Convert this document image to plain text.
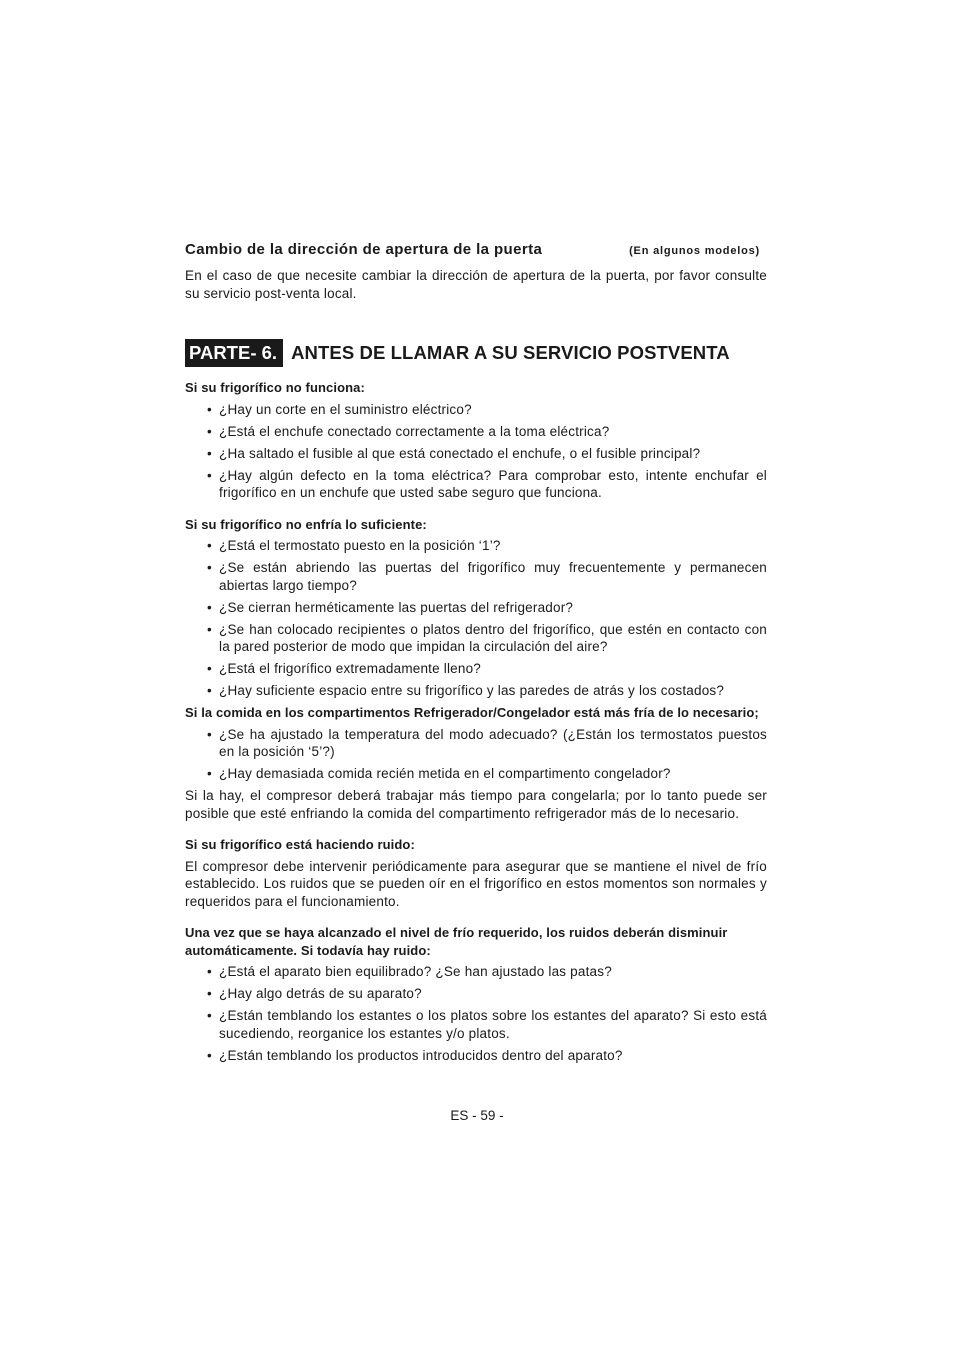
Cambio de la dirección de apertura de la puerta	(En algunos modelos)

En el caso de que necesite cambiar la dirección de apertura de la puerta, por favor consulte su servicio post-venta local.

PARTE- 6. ANTES DE LLAMAR A SU SERVICIO POSTVENTA

Si su frigorífico no funciona:

• ¿Hay un corte en el suministro eléctrico?
• ¿Está el enchufe conectado correctamente a la toma eléctrica?
• ¿Ha saltado el fusible al que está conectado el enchufe, o el fusible principal?
• ¿Hay algún defecto en la toma eléctrica? Para comprobar esto, intente enchufar el frigorífico en un enchufe que usted sabe seguro que funciona.

Si su frigorífico no enfría lo suficiente:

• ¿Está el termostato puesto en la posición ‘1’?
• ¿Se están abriendo las puertas del frigorífico muy frecuentemente y permanecen abiertas largo tiempo?
• ¿Se cierran herméticamente las puertas del refrigerador?
• ¿Se han colocado recipientes o platos dentro del frigorífico, que estén en contacto con la pared posterior de modo que impidan la circulación del aire?
• ¿Está el frigorífico extremadamente lleno?
• ¿Hay suficiente espacio entre su frigorífico y las paredes de atrás y los costados?

Si la comida en los compartimentos Refrigerador/Congelador está más fría de lo necesario;

• ¿Se ha ajustado la temperatura del modo adecuado? (¿Están los termostatos puestos en la posición ‘5’?)
• ¿Hay demasiada comida recién metida en el compartimento congelador?

Si la hay, el compresor deberá trabajar más tiempo para congelarla; por lo tanto puede ser posible que esté enfriando la comida del compartimento refrigerador más de lo necesario.

Si su frigorífico está haciendo ruido:

El compresor debe intervenir periódicamente para asegurar que se mantiene el nivel de frío establecido. Los ruidos que se pueden oír en el frigorífico en estos momentos son normales y requeridos para el funcionamiento.

Una vez que se haya alcanzado el nivel de frío requerido, los ruidos deberán disminuir automáticamente. Si todavía hay ruido:

• ¿Está el aparato bien equilibrado? ¿Se han ajustado las patas?
• ¿Hay algo detrás de su aparato?
• ¿Están temblando los estantes o los platos sobre los estantes del aparato? Si esto está sucediendo, reorganice los estantes y/o platos.
• ¿Están temblando los productos introducidos dentro del aparato?
ES - 59 -
